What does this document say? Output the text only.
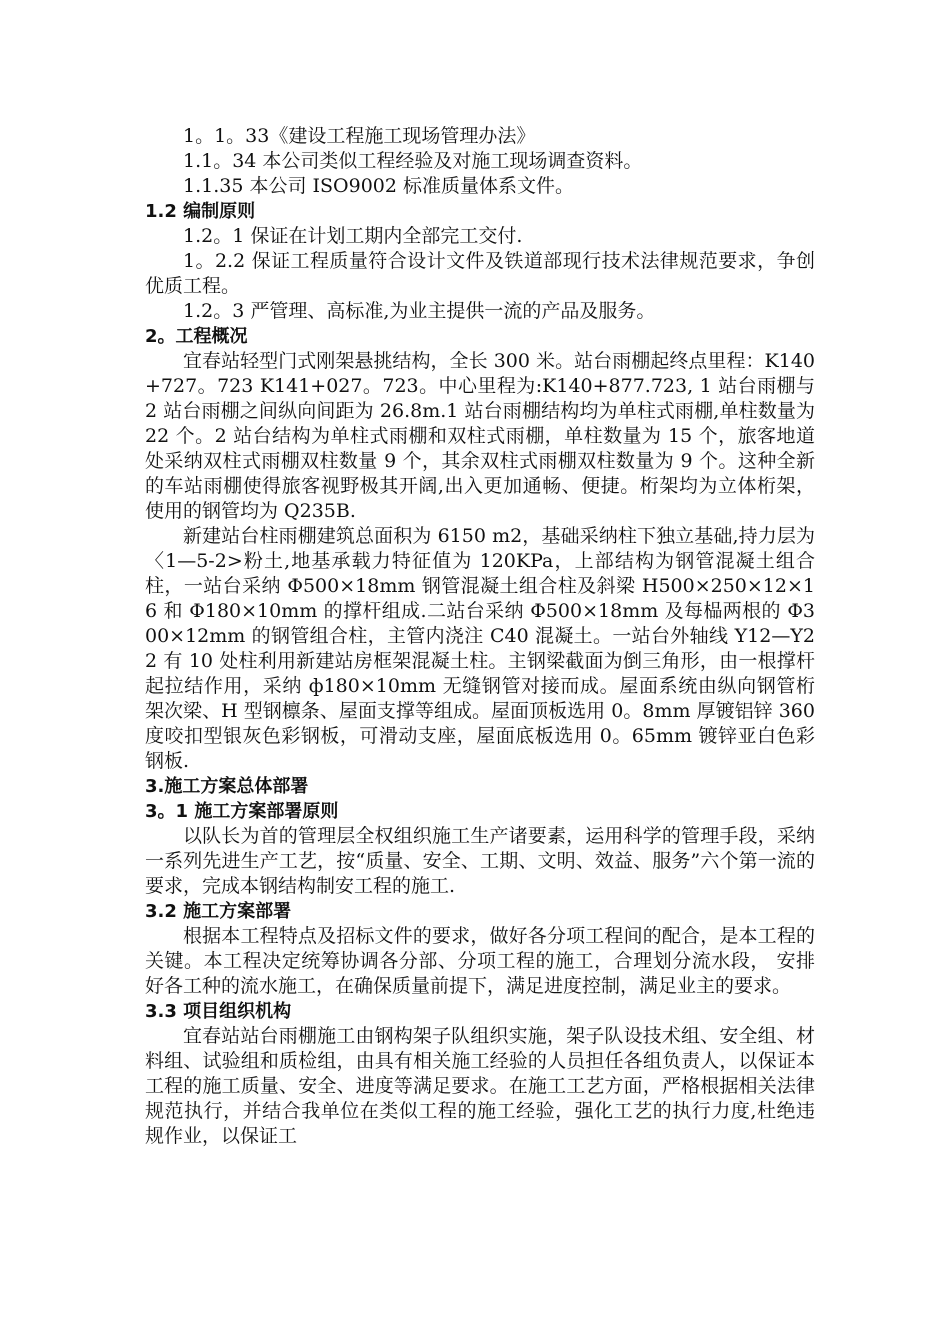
1。1。33《建设工程施工现场管理办法》

1.1。34 本公司类似工程经验及对施工现场调查资料。

1.1.35 本公司 ISO9002 标准质量体系文件。

1.2 编制原则

1.2。1 保证在计划工期内全部完工交付.

1。2.2 保证工程质量符合设计文件及铁道部现行技术法律规范要求，争创优质工程。

1.2。3 严管理、高标准,为业主提供一流的产品及服务。

2。工程概况

宜春站轻型门式刚架悬挑结构，全长 300 米。站台雨棚起终点里程：K140+727。723 K141+027。723。中心里程为:K140+877.723, 1 站台雨棚与 2 站台雨棚之间纵向间距为 26.8m.1 站台雨棚结构均为单柱式雨棚,单柱数量为 22 个。2 站台结构为单柱式雨棚和双柱式雨棚，单柱数量为 15 个，旅客地道处采纳双柱式雨棚双柱数量 9 个，其余双柱式雨棚双柱数量为 9 个。这种全新的车站雨棚使得旅客视野极其开阔,出入更加通畅、便捷。桁架均为立体桁架，使用的钢管均为 Q235B.

新建站台柱雨棚建筑总面积为 6150 m2，基础采纳柱下独立基础,持力层为〈1—5-2>粉土,地基承载力特征值为 120KPa，上部结构为钢管混凝土组合柱，一站台采纳 Φ500×18mm 钢管混凝土组合柱及斜梁 H500×250×12×16 和 Φ180×10mm 的撑杆组成.二站台采纳 Φ500×18mm 及每榀两根的 Φ300×12mm 的钢管组合柱，主管内浇注 C40 混凝土。一站台外轴线 Y12—Y22 有 10 处柱利用新建站房框架混凝土柱。主钢梁截面为倒三角形，由一根撑杆起拉结作用，采纳 ф180×10mm 无缝钢管对接而成。屋面系统由纵向钢管桁架次梁、H 型钢檩条、屋面支撑等组成。屋面顶板选用 0。8mm 厚镀铝锌 360 度咬扣型银灰色彩钢板，可滑动支座，屋面底板选用 0。65mm 镀锌亚白色彩钢板.

3.施工方案总体部署
3。1 施工方案部署原则

以队长为首的管理层全权组织施工生产诸要素，运用科学的管理手段，采纳一系列先进生产工艺，按“质量、安全、工期、文明、效益、服务”六个第一流的要求，完成本钢结构制安工程的施工.

3.2 施工方案部署

根据本工程特点及招标文件的要求，做好各分项工程间的配合，是本工程的关键。本工程决定统筹协调各分部、分项工程的施工，合理划分流水段， 安排好各工种的流水施工，在确保质量前提下，满足进度控制，满足业主的要求。

3.3 项目组织机构

宜春站站台雨棚施工由钢构架子队组织实施，架子队设技术组、安全组、材料组、试验组和质检组，由具有相关施工经验的人员担任各组负责人，以保证本工程的施工质量、安全、进度等满足要求。在施工工艺方面，严格根据相关法律规范执行，并结合我单位在类似工程的施工经验，强化工艺的执行力度,杜绝违规作业，以保证工
